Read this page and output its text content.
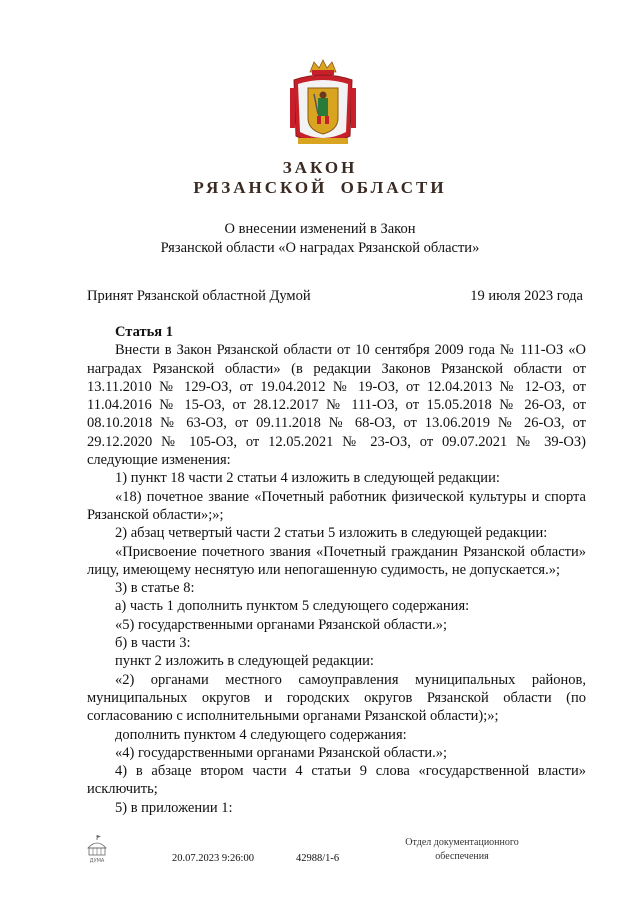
ЗАКОН
РЯЗАНСКОЙ ОБЛАСТИ
О внесении изменений в Закон
Рязанской области «О наградах Рязанской области»
Принят Рязанской областной Думой	19 июля 2023 года

Статья 1

Внести в Закон Рязанской области от 10 сентября 2009 года № 111-ОЗ «О наградах Рязанской области» (в редакции Законов Рязанской области от 13.11.2010 № 129-ОЗ, от 19.04.2012 № 19-ОЗ, от 12.04.2013 № 12-ОЗ, от 11.04.2016 № 15-ОЗ, от 28.12.2017 № 111-ОЗ, от 15.05.2018 № 26-ОЗ, от 08.10.2018 № 63-ОЗ, от 09.11.2018 № 68-ОЗ, от 13.06.2019 № 26-ОЗ, от 29.12.2020 № 105-ОЗ, от 12.05.2021 № 23-ОЗ, от 09.07.2021 № 39-ОЗ) следующие изменения:

1) пункт 18 части 2 статьи 4 изложить в следующей редакции:

«18) почетное звание «Почетный работник физической культуры и спорта Рязанской области»;»;

2) абзац четвертый части 2 статьи 5 изложить в следующей редакции:

«Присвоение почетного звания «Почетный гражданин Рязанской области» лицу, имеющему неснятую или непогашенную судимость, не допускается.»;

3) в статье 8:

а) часть 1 дополнить пунктом 5 следующего содержания:

«5) государственными органами Рязанской области.»;

б) в части 3:

пункт 2 изложить в следующей редакции:

«2) органами местного самоуправления муниципальных районов, муниципальных округов и городских округов Рязанской области (по согласованию с исполнительными органами Рязанской области);»;

дополнить пунктом 4 следующего содержания:

«4) государственными органами Рязанской области.»;

4) в абзаце втором части 4 статьи 9 слова «государственной власти» исключить;

5) в приложении 1:

ДУМА	20.07.2023 9:26:00	42988/1-6
Отдел документационного
обеспечения
